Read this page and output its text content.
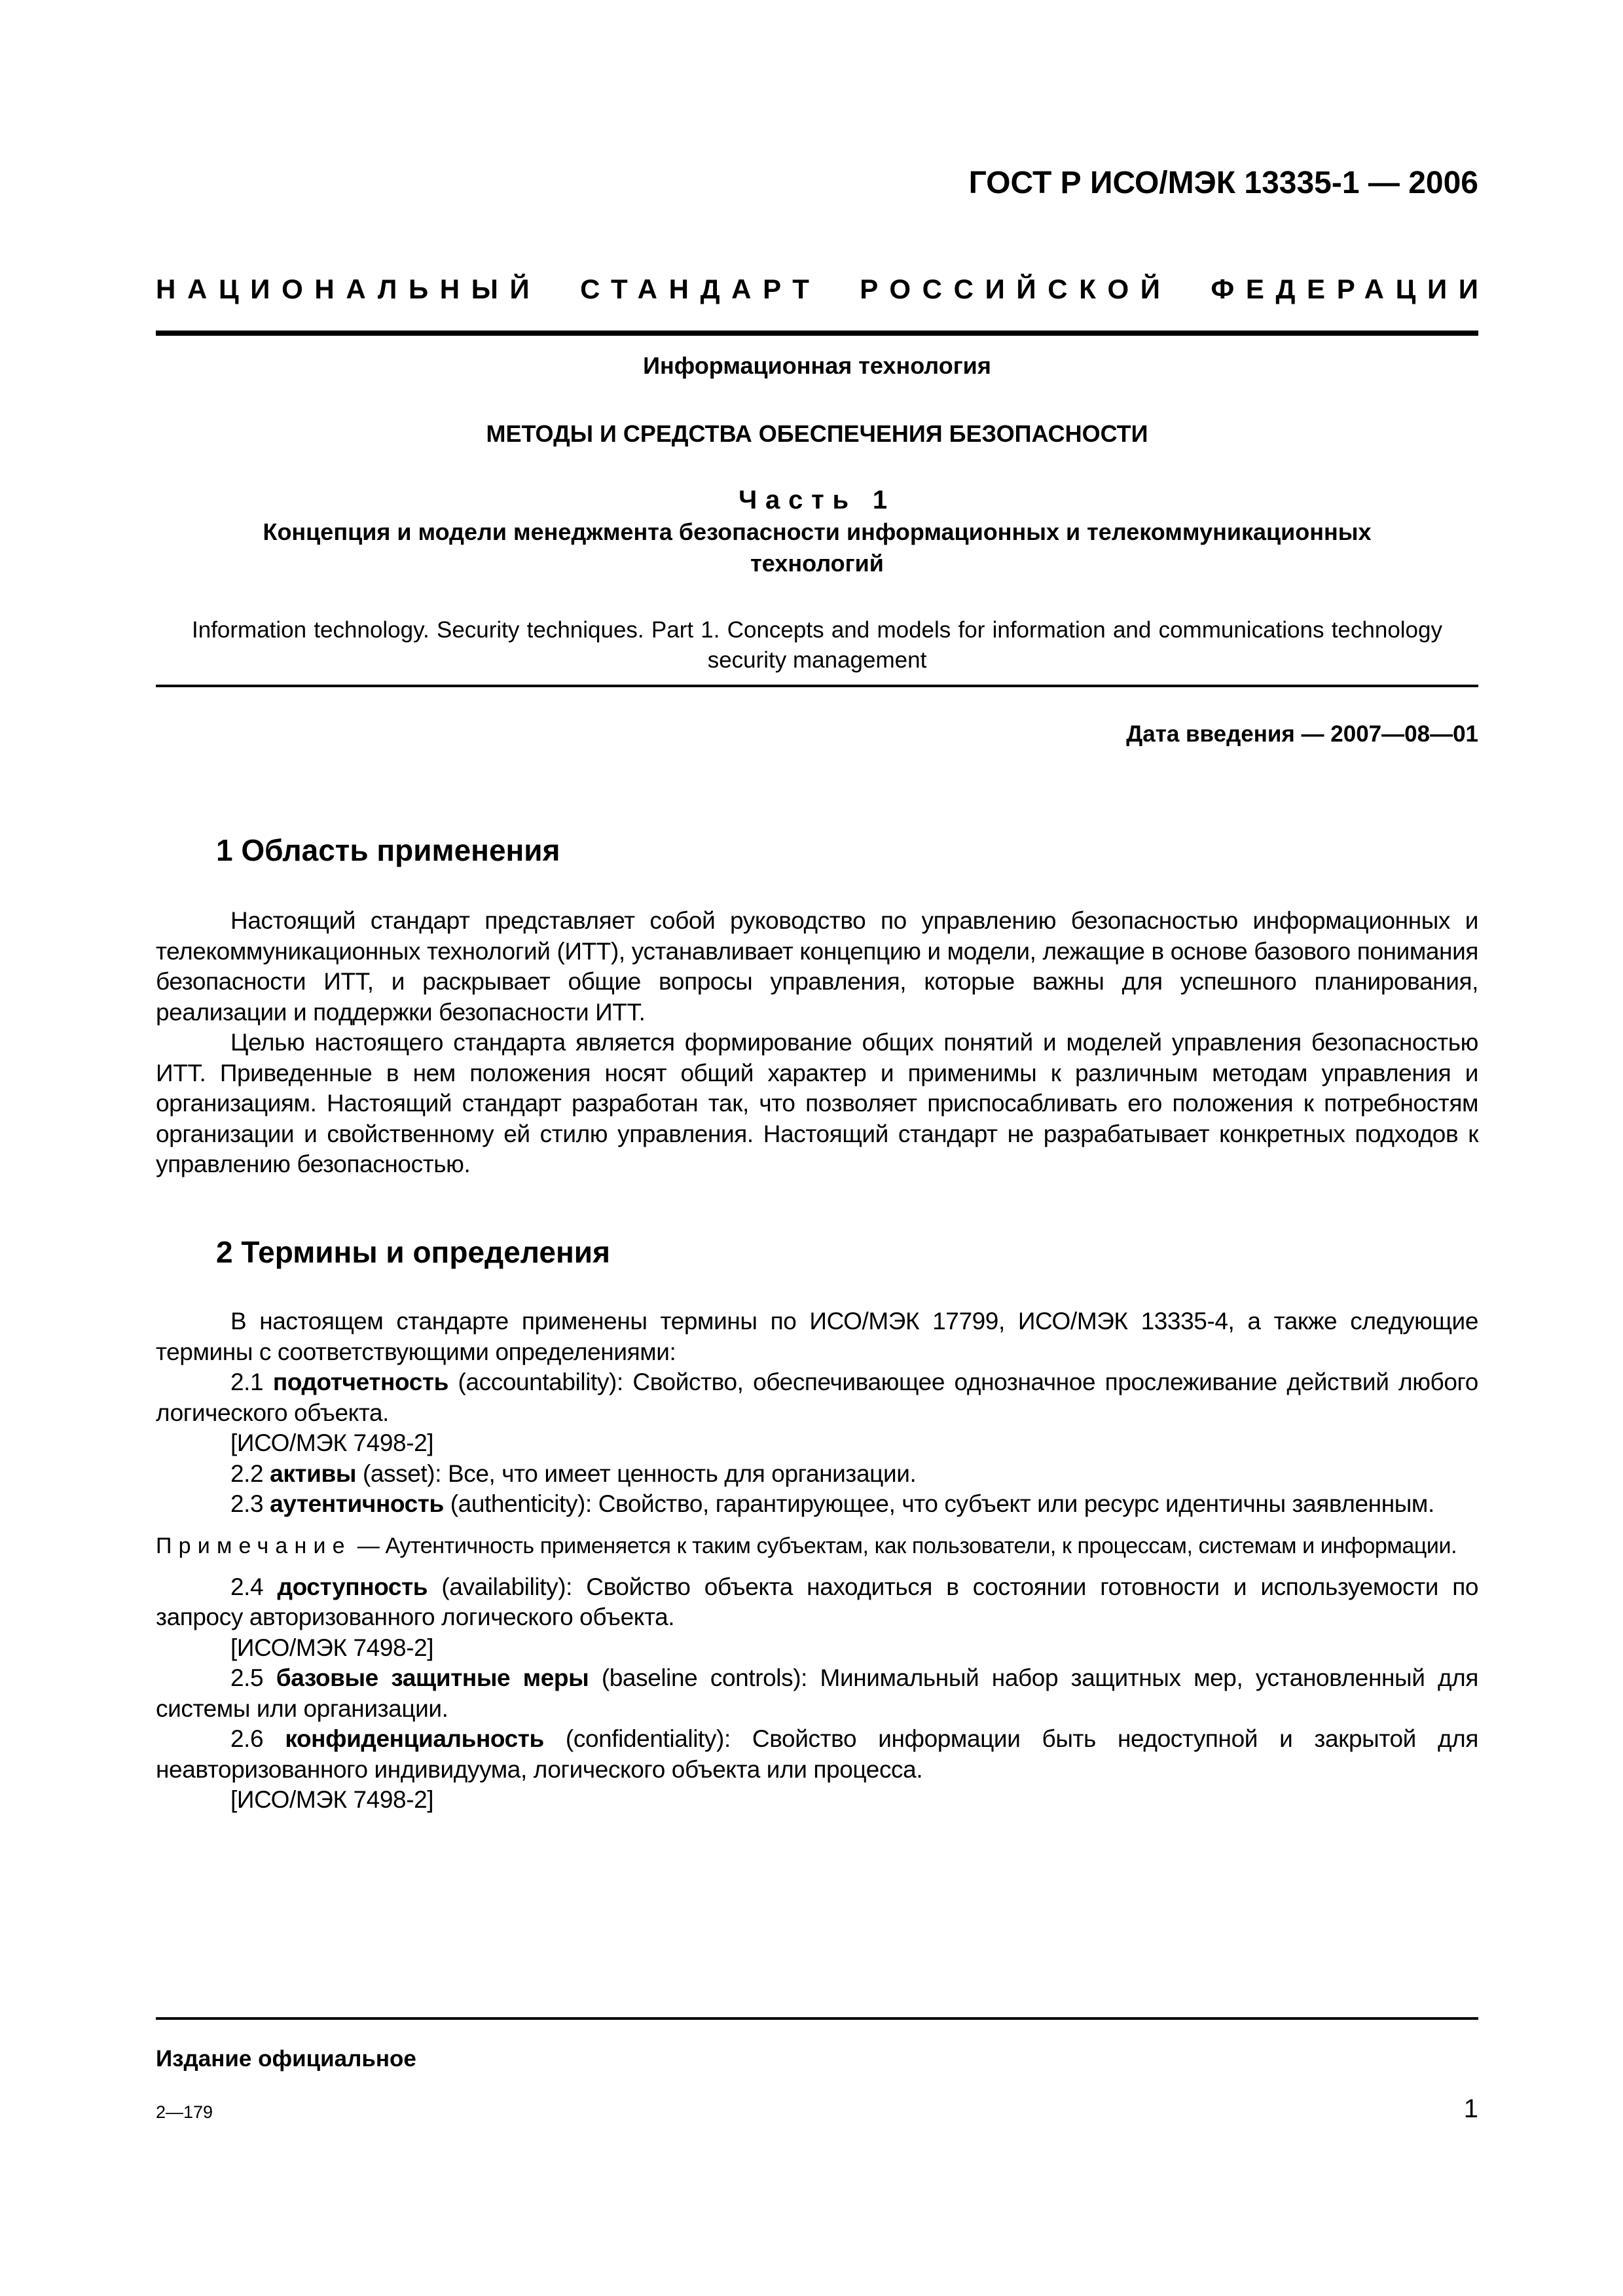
ГОСТ Р ИСО/МЭК 13335-1 — 2006
НАЦИОНАЛЬНЫЙ СТАНДАРТ РОССИЙСКОЙ ФЕДЕРАЦИИ
Информационная технология
МЕТОДЫ И СРЕДСТВА ОБЕСПЕЧЕНИЯ БЕЗОПАСНОСТИ
Часть 1
Концепция и модели менеджмента безопасности информационных и телекоммуникационных
технологий
Information technology. Security techniques. Part 1. Concepts and models for information and communications technology security management
Дата введения — 2007—08—01
1 Область применения

Настоящий стандарт представляет собой руководство по управлению безопасностью информационных и телекоммуникационных технологий (ИТТ), устанавливает концепцию и модели, лежащие в основе базового понимания безопасности ИТТ, и раскрывает общие вопросы управления, которые важны для успешного планирования, реализации и поддержки безопасности ИТТ.

Целью настоящего стандарта является формирование общих понятий и моделей управления безопасностью ИТТ. Приведенные в нем положения носят общий характер и применимы к различным методам управления и организациям. Настоящий стандарт разработан так, что позволяет приспосабливать его положения к потребностям организации и свойственному ей стилю управления. Настоящий стандарт не разрабатывает конкретных подходов к управлению безопасностью.

2 Термины и определения

В настоящем стандарте применены термины по ИСО/МЭК 17799, ИСО/МЭК 13335-4, а также следующие термины с соответствующими определениями:

2.1 подотчетность (accountability): Свойство, обеспечивающее однозначное прослеживание действий любого логического объекта.

[ИСО/МЭК 7498-2]

2.2 активы (asset): Все, что имеет ценность для организации.

2.3 аутентичность (authenticity): Свойство, гарантирующее, что субъект или ресурс идентичны заявленным.

Примечание — Аутентичность применяется к таким субъектам, как пользователи, к процессам, системам и информации.

2.4 доступность (availability): Свойство объекта находиться в состоянии готовности и используемости по запросу авторизованного логического объекта.

[ИСО/МЭК 7498-2]

2.5 базовые защитные меры (baseline controls): Минимальный набор защитных мер, установленный для системы или организации.

2.6 конфиденциальность (confidentiality): Свойство информации быть недоступной и закрытой для неавторизованного индивидуума, логического объекта или процесса.

[ИСО/МЭК 7498-2]

Издание официальное
2—179	1
